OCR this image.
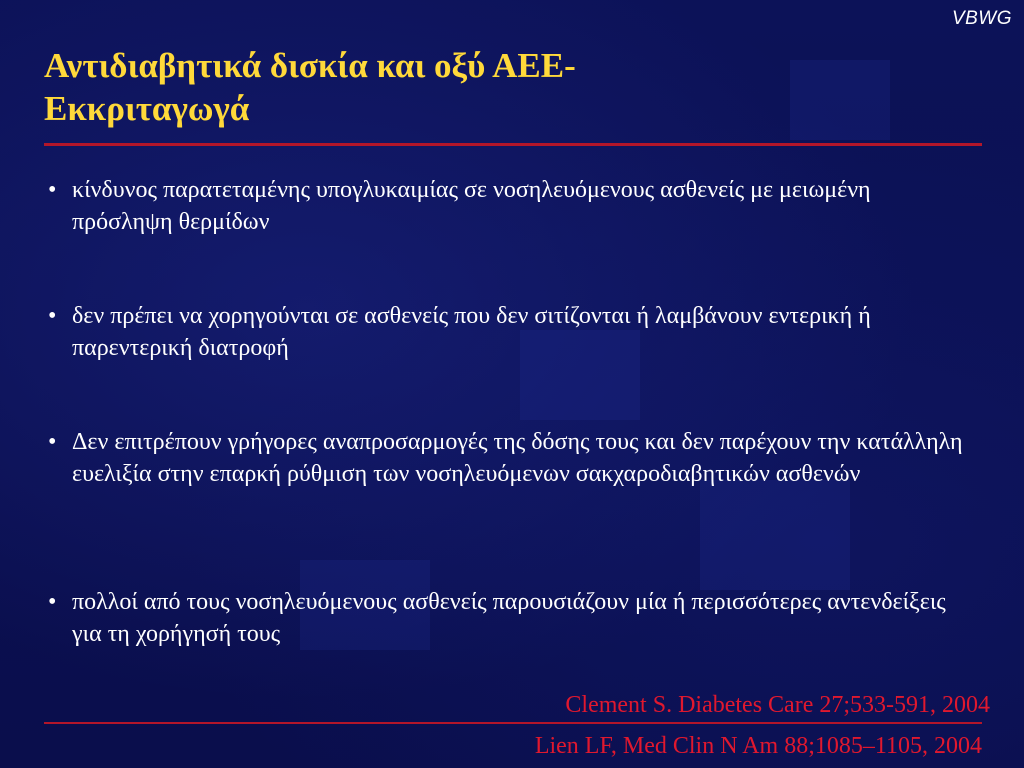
VBWG
Αντιδιαβητικά δισκία και οξύ ΑΕΕ-Εκκριταγωγά
• κίνδυνος παρατεταμένης υπογλυκαιμίας σε νοσηλευόμενους ασθενείς με μειωμένη πρόσληψη θερμίδων
• δεν πρέπει να χορηγούνται σε ασθενείς που δεν σιτίζονται ή λαμβάνουν εντερική ή παρεντερική διατροφή
• Δεν επιτρέπουν γρήγορες αναπροσαρμογές της δόσης τους και δεν παρέχουν την κατάλληλη ευελιξία στην επαρκή ρύθμιση των νοσηλευόμενων σακχαροδιαβητικών ασθενών
• πολλοί από τους νοσηλευόμενους ασθενείς παρουσιάζουν μία ή περισσότερες αντενδείξεις για τη χορήγησή τους
Clement S. Diabetes Care 27;533-591, 2004
Lien LF, Med Clin N Am 88;1085–1105, 2004
